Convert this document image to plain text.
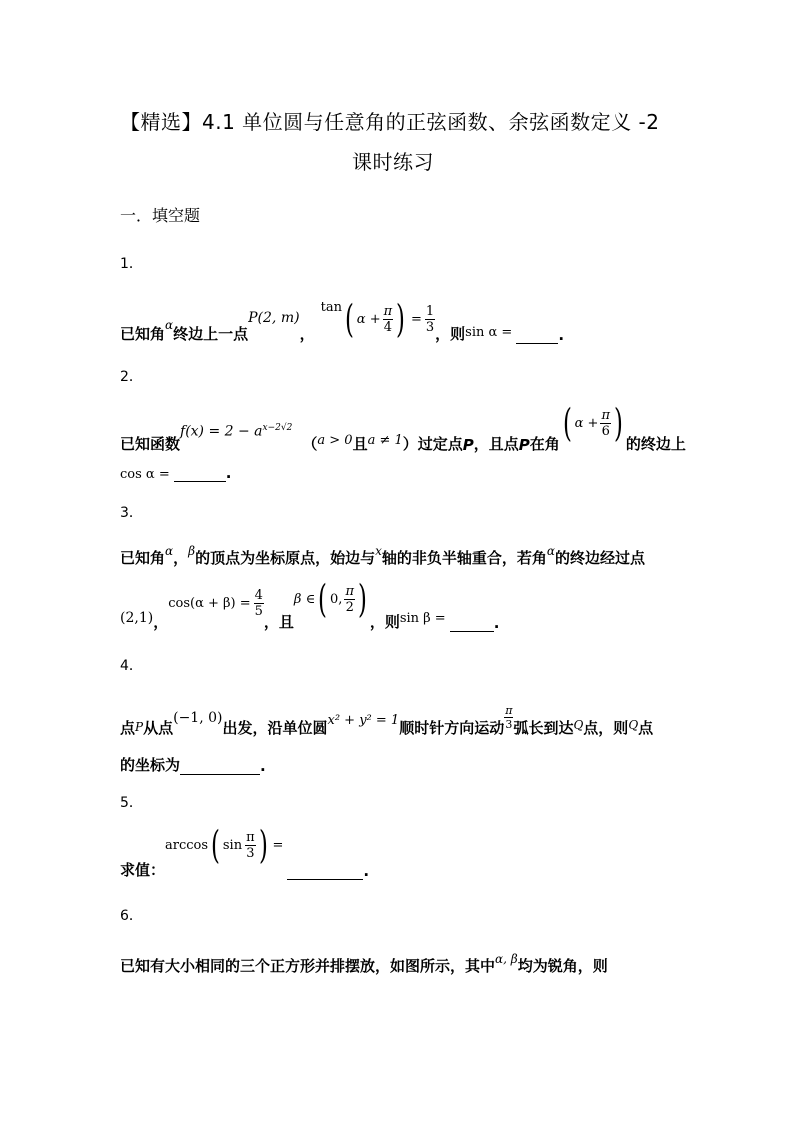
【精选】4.1 单位圆与任意角的正弦函数、余弦函数定义 -2
课时练习
一．填空题
1．
已知角 α 终边上一点
P(2, m)
，
tan ( $\alpha + \frac{\pi}{4}$ ) = $\frac{1}{3}$
，则 sin α =	.
2．
已知函数
$f(x) = 2 - a^{x-2√2}$
（ a > 0 且 a ≠ 1 ）过定点 P ，且点 P 在角 ( $\alpha + \frac{\pi}{6}$ ) 的终边上
cos α =	.
3．
已知角 α ， β 的顶点为坐标原点，始边与 x 轴的非负半轴重合，若角 α 的终边经过点
(2,1) ，
$\cos(\alpha + \beta) = \frac{4}{5}$
，且
β ∈ ( 0, $\frac{\pi}{2}$ )
，则 sin β =	.
4．
点 P 从点
(−1, 0)
出发，沿单位圆 x² + y² = 1 顺时针方向运动 $\frac{\pi}{3}$ 弧长到达 Q 点，则 Q 点
的坐标为	.
5．
求值：
arccos ( $\sin \frac{\pi}{3}$ ) =
.
6．
已知有大小相同的三个正方形并排摆放，如图所示，其中 α, β 均为锐角，则
